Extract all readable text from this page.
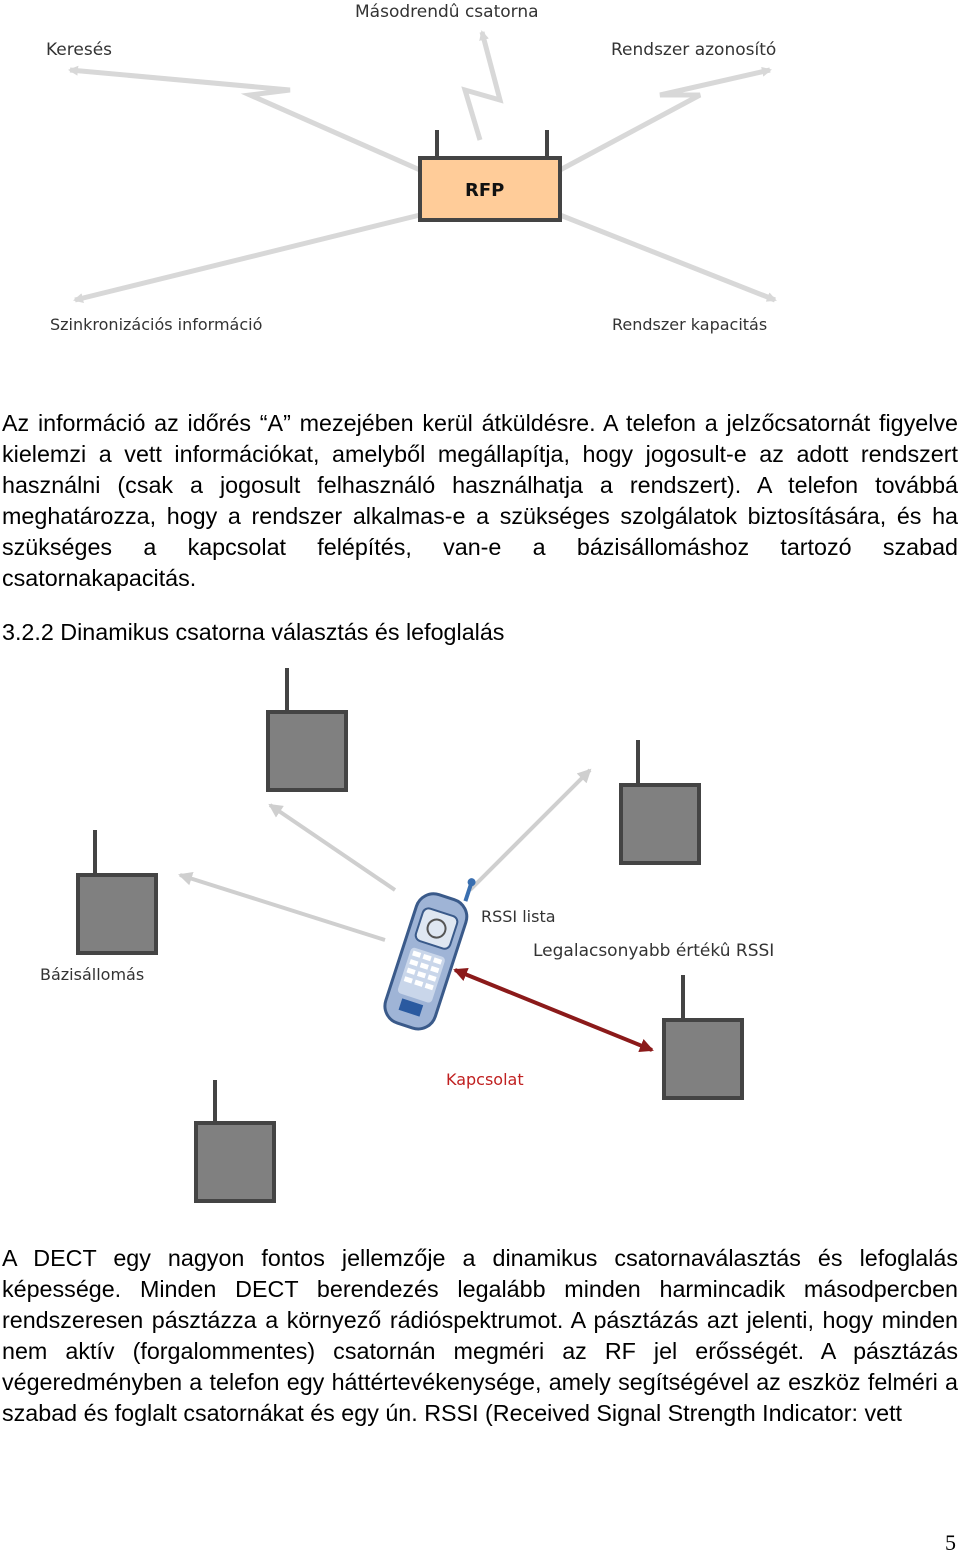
Másodrendû csatorna
Keresés	Rendszer azonosító
Szinkronizációs információ	Rendszer kapacitás
RFP

Az információ az időrés “A” mezejében kerül átküldésre. A telefon a jelzőcsatornát figyelve kielemzi a vett információkat, amelyből megállapítja, hogy jogosult-e az adott rendszert használni (csak a jogosult felhasználó használhatja a rendszert). A telefon továbbá meghatározza, hogy a rendszer alkalmas-e a szükséges szolgálatok biztosítására, és ha szükséges a kapcsolat felépítés, van-e a bázisállomáshoz tartozó szabad csatornakapacitás.

3.2.2 Dinamikus csatorna választás és lefoglalás

Bázisállomás
RSSI lista
Legalacsonyabb értékû RSSI
Kapcsolat

A DECT egy nagyon fontos jellemzője a dinamikus csatornaválasztás és lefoglalás képessége. Minden DECT berendezés legalább minden harmincadik másodpercben rendszeresen pásztázza a környező rádióspektrumot. A pásztázás azt jelenti, hogy minden nem aktív (forgalommentes) csatornán megméri az RF jel erősségét. A pásztázás végeredményben a telefon egy háttértevékenysége, amely segítségével az eszköz felméri a szabad és foglalt csatornákat és egy ún. RSSI (Received Signal Strength Indicator: vett

5
